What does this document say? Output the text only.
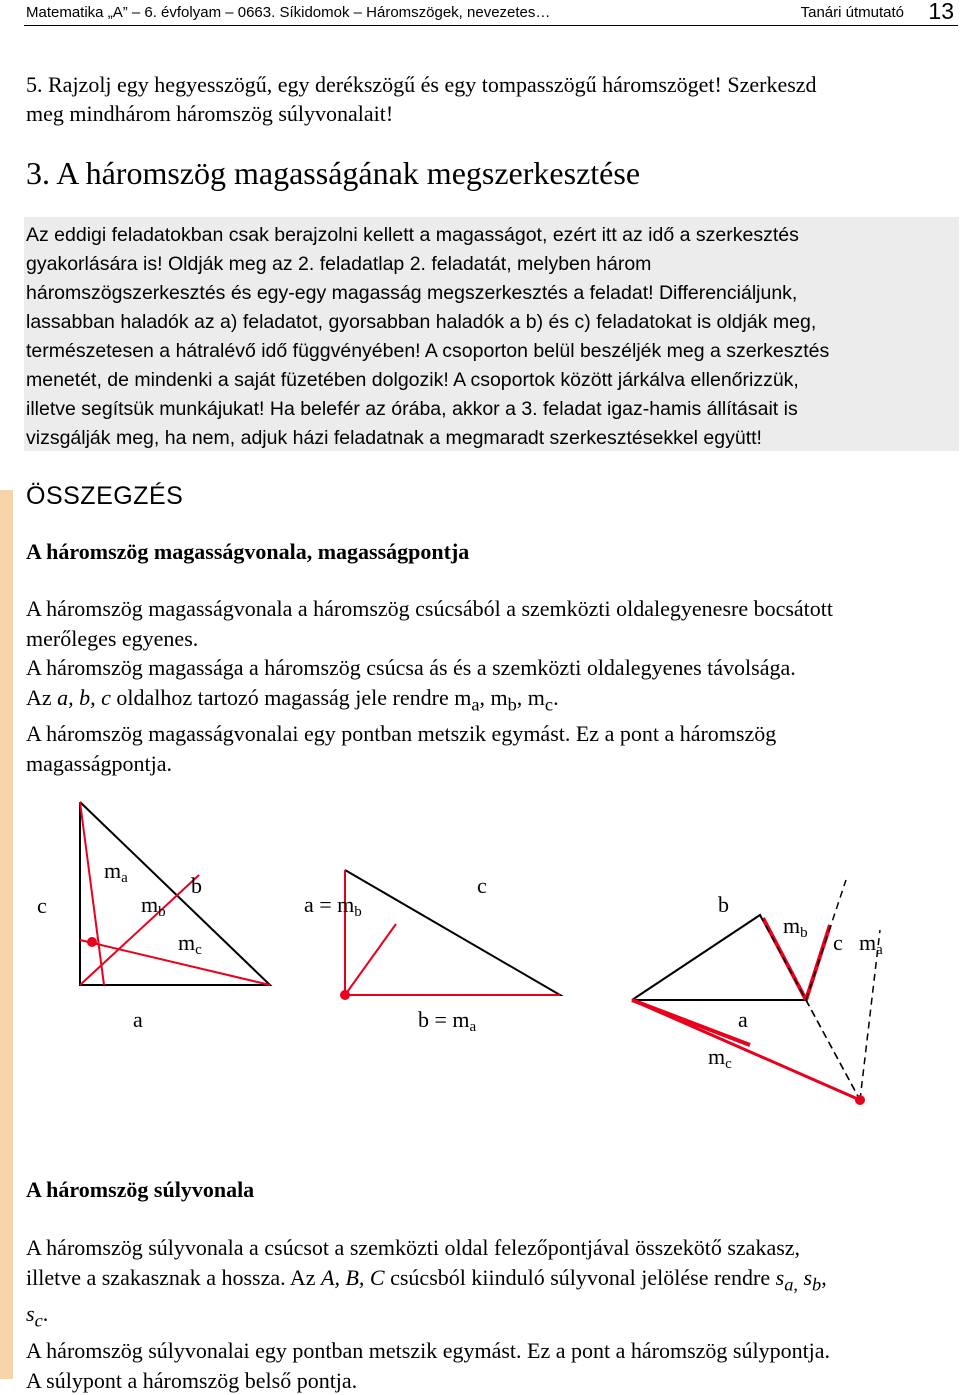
Matematika „A” – 6. évfolyam – 0663. Síkidomok – Háromszögek, nevezetes…	Tanári útmutató 13
5. Rajzolj egy hegyesszögű, egy derékszögű és egy tompasszögű háromszöget! Szerkeszd
meg mindhárom háromszög súlyvonalait!
3. A háromszög magasságának megszerkesztése
Az eddigi feladatokban csak berajzolni kellett a magasságot, ezért itt az idő a szerkesztés
gyakorlására is! Oldják meg az 2. feladatlap 2. feladatát, melyben három
háromszögszerkesztés és egy-egy magasság megszerkesztés a feladat! Differenciáljunk,
lassabban haladók az a) feladatot, gyorsabban haladók a b) és c) feladatokat is oldják meg,
természetesen a hátralévő idő függvényében! A csoporton belül beszéljék meg a szerkesztés
menetét, de mindenki a saját füzetében dolgozik! A csoportok között járkálva ellenőrizzük,
illetve segítsük munkájukat! Ha belefér az órába, akkor a 3. feladat igaz-hamis állításait is
vizsgálják meg, ha nem, adjuk házi feladatnak a megmaradt szerkesztésekkel együtt!
ÖSSZEGZÉS
A háromszög magasságvonala, magasságpontja
A háromszög magasságvonala a háromszög csúcsából a szemközti oldalegyenesre bocsátott
merőleges egyenes.
A háromszög magassága a háromszög csúcsa ás és a szemközti oldalegyenes távolsága.
Az a, b, c oldalhoz tartozó magasság jele rendre $m_a$, $m_b$, $m_c$.
A háromszög magasságvonalai egy pontban metszik egymást. Ez a pont a háromszög
magasságpontja.
c
ma
mb
b
mc
a
a = mb
c
b = ma
b
mb c ma
a
mc
A háromszög súlyvonala
A háromszög súlyvonala a csúcsot a szemközti oldal felezőpontjával összekötő szakasz,
illetve a szakasznak a hossza. Az A, B, C csúcsból kiinduló súlyvonal jelölése rendre $s_{a,}$ $s_b$,
$s_c$.
A háromszög súlyvonalai egy pontban metszik egymást. Ez a pont a háromszög súlypontja.
A súlypont a háromszög belső pontja.
